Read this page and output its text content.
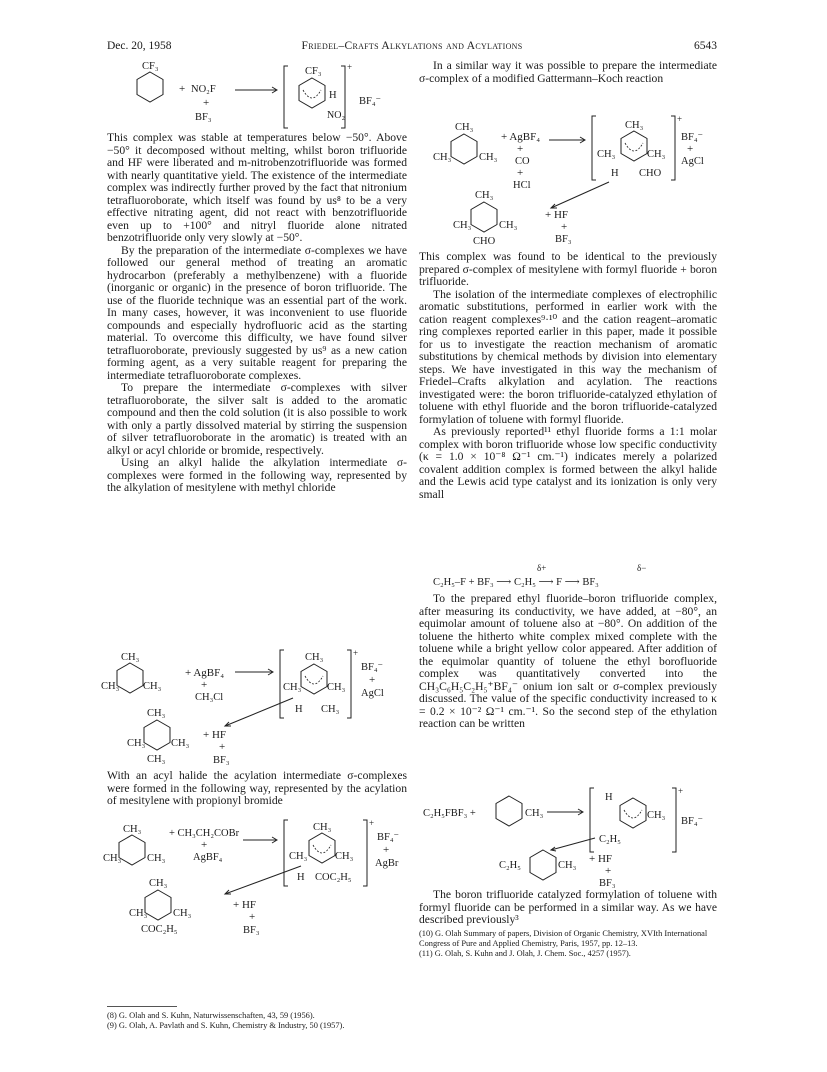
Dec. 20, 1958	Friedel–Crafts Alkylations and Acylations	6543
CF₃
+ NO₂F
+
BF₃
+
CF₃
H
NO₂
BF₄⁻

This complex was stable at temperatures below −50°. Above −50° it decomposed without melting, whilst boron trifluoride and HF were liberated and m-nitrobenzotrifluoride was formed with nearly quantitative yield. The existence of the intermediate complex was indirectly further proved by the fact that nitronium tetrafluoroborate, which itself was found by us⁸ to be a very effective nitrating agent, did not react with benzotrifluoride even up to +100° and nitryl fluoride alone nitrated benzotrifluoride only very slowly at −50°.

By the preparation of the intermediate σ-complexes we have followed our general method of treating an aromatic hydrocarbon (preferably a methylbenzene) with a fluoride (inorganic or organic) in the presence of boron trifluoride. The use of the fluoride technique was an essential part of the work. In many cases, however, it was inconvenient to use fluoride compounds and especially hydrofluoric acid as the starting material. To overcome this difficulty, we have found silver tetrafluoroborate, previously suggested by us⁹ as a new cation forming agent, as a very suitable reagent for preparing the intermediate tetrafluoroborate complexes.

To prepare the intermediate σ-complexes with silver tetrafluoroborate, the silver salt is added to the aromatic compound and then the cold solution (it is also possible to work with only a partly dissolved material by stirring the suspension of silver tetrafluoroborate in the aromatic) is treated with an alkyl or acyl chloride or bromide, respectively.

Using an alkyl halide the alkylation intermediate σ-complexes were formed in the following way, represented by the alkylation of mesitylene with methyl chloride

CH₃
CH₃ CH₃
+ AgBF₄
+
CH₃Cl
+
CH₃
CH₃ CH₃
H CH₃
BF₄⁻
+
AgCl
CH₃
CH₃ CH₃
CH₃
+ HF
+
BF₃

With an acyl halide the acylation intermediate σ-complexes were formed in the following way, represented by the acylation of mesitylene with propionyl bromide

CH₃
CH₃ CH₃
+ CH₃CH₂COBr
+
AgBF₄
+
CH₃
CH₃	CH₃
H COC₂H₅
BF₄⁻
+
AgBr
CH₃
CH₃ CH₃
COC₂H₅
+ HF
+
BF₃
(8) G. Olah and S. Kuhn, Naturwissenschaften, 43, 59 (1956).
(9) G. Olah, A. Pavlath and S. Kuhn, Chemistry & Industry, 50 (1957).

In a similar way it was possible to prepare the intermediate σ-complex of a modified Gattermann–Koch reaction

CH₃
CH₃	CH₃
+ AgBF₄
+
CO
+
HCl
+
CH₃
CH₃	CH₃
H CHO
BF₄⁻
+
AgCl
CH₃
CH₃	CH₃
CHO
+ HF
+
BF₃

This complex was found to be identical to the previously prepared σ-complex of mesitylene with formyl fluoride + boron trifluoride.

The isolation of the intermediate complexes of electrophilic aromatic substitutions, performed in earlier work with the cation reagent complexes⁹·¹⁰ and the cation reagent–aromatic ring complexes reported earlier in this paper, made it possible for us to investigate the reaction mechanism of aromatic substitutions by chemical methods by division into elementary steps. We have investigated in this way the mechanism of Friedel–Crafts alkylation and acylation. The reactions investigated were: the boron trifluoride-catalyzed ethylation of toluene with ethyl fluoride and the boron trifluoride-catalyzed formylation of toluene with formyl fluoride.

As previously reported¹¹ ethyl fluoride forms a 1:1 molar complex with boron trifluoride whose low specific conductivity (κ = 1.0 × 10⁻⁸ Ω⁻¹ cm.⁻¹) indicates merely a polarized covalent addition complex is formed between the alkyl halide and the Lewis acid type catalyst and its ionization is only very small

δ+	δ−
C₂H₅–F + BF₃ ⟶ C₂H₅ ⟶ F ⟶ BF₃

To the prepared ethyl fluoride–boron trifluoride complex, after measuring its conductivity, we have added, at −80°, an equimolar amount of toluene also at −80°. On addition of the toluene the hitherto white complex mixed complete with the toluene while a bright yellow color appeared. After addition of the equimolar quantity of toluene the ethyl borofluoride complex was quantitatively converted into the CH₃C₆H₅C₂H₅⁺BF₄⁻ onium ion salt or σ-complex previously discussed. The value of the specific conductivity increased to κ = 0.2 × 10⁻² Ω⁻¹ cm.⁻¹. So the second step of the ethylation reaction can be written

C₂H₅FBF₃ +	CH₃
+
H
CH₃
C₂H₅
BF₄⁻
C₂H₅	CH₃
+ HF
+
BF₃

The boron trifluoride catalyzed formylation of toluene with formyl fluoride can be performed in a similar way. As we have described previously³

(10) G. Olah Summary of papers, Division of Organic Chemistry, XVIth International Congress of Pure and Applied Chemistry, Paris, 1957, pp. 12–13.
(11) G. Olah, S. Kuhn and J. Olah, J. Chem. Soc., 4257 (1957).
